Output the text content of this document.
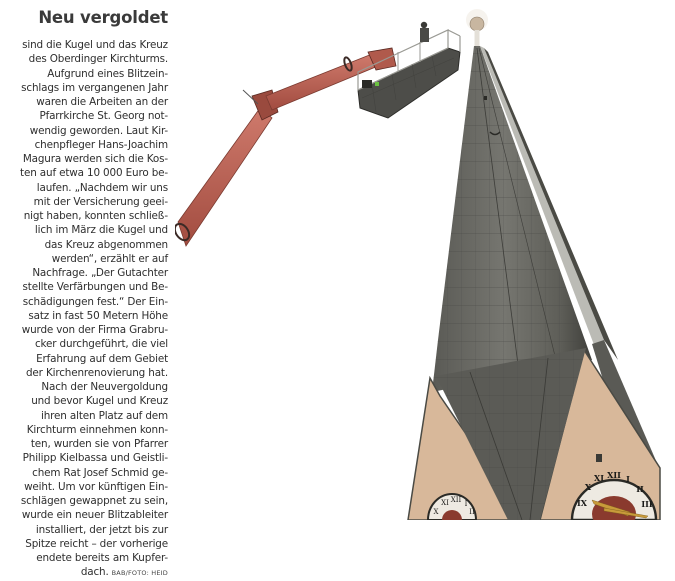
Neu vergoldet
sind die Kugel und das Kreuz
des Oberdinger Kirchturms.
Aufgrund eines Blitzein-
schlags im vergangenen Jahr
waren die Arbeiten an der
Pfarrkirche St. Georg not-
wendig geworden. Laut Kir-
chenpfleger Hans-Joachim
Magura werden sich die Kos-
ten auf etwa 10 000 Euro be-
laufen. „Nachdem wir uns
mit der Versicherung geei-
nigt haben, konnten schließ-
lich im März die Kugel und
das Kreuz abgenommen
werden“, erzählt er auf
Nachfrage. „Der Gutachter
stellte Verfärbungen und Be-
schädigungen fest.“ Der Ein-
satz in fast 50 Metern Höhe
wurde von der Firma Grabru-
cker durchgeführt, die viel
Erfahrung auf dem Gebiet
der Kirchenrenovierung hat.
Nach der Neuvergoldung
und bevor Kugel und Kreuz
ihren alten Platz auf dem
Kirchturm einnehmen konn-
ten, wurden sie von Pfarrer
Philipp Kielbassa und Geistli-
chem Rat Josef Schmid ge-
weiht. Um vor künftigen Ein-
schlägen gewappnet zu sein,
wurde ein neuer Blitzableiter
installiert, der jetzt bis zur
Spitze reicht – der vorherige
endete bereits am Kupfer-
dach. BAB/FOTO: HEID
X
XI XII I
II
IX
X
XI XII I
II
III
